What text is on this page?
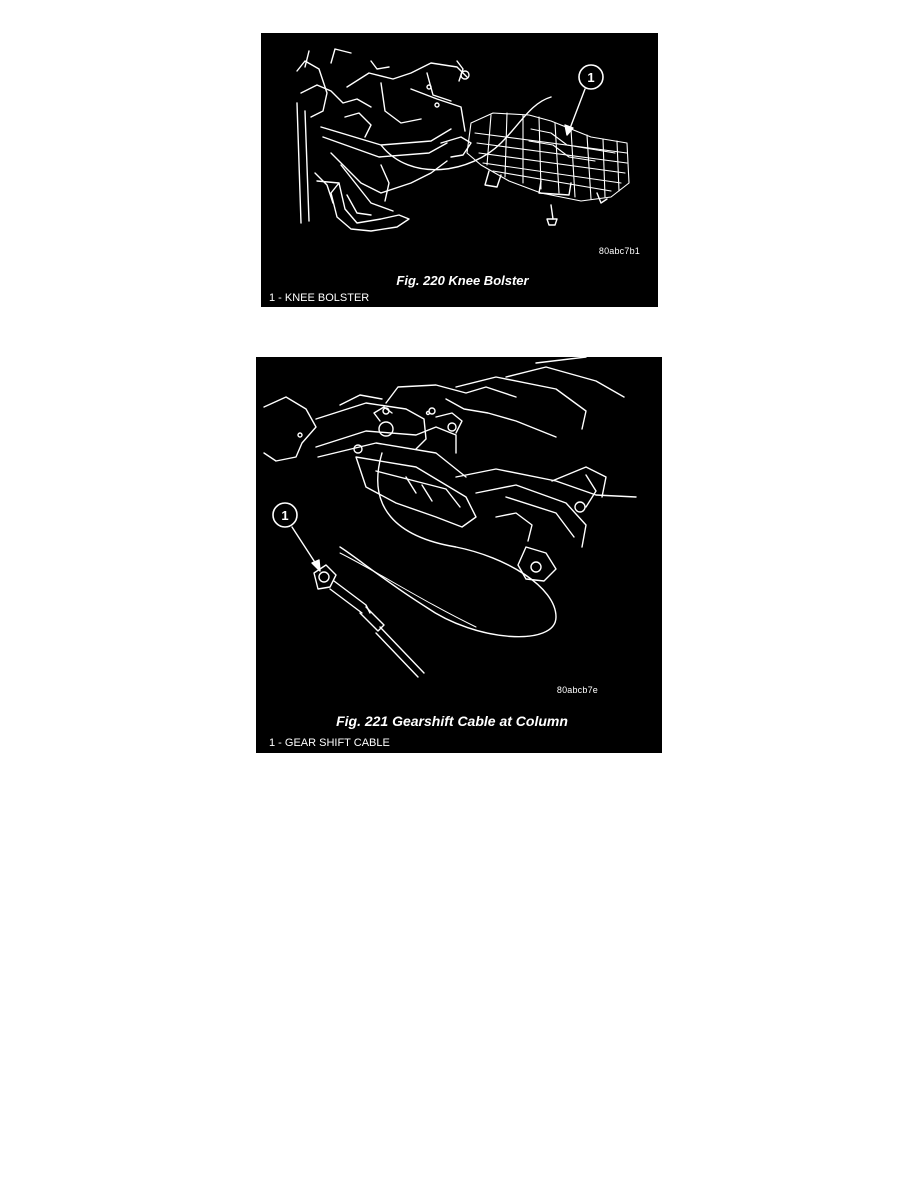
1
80abc7b1
Fig. 220 Knee Bolster
1 - KNEE BOLSTER
1
80abcb7e
Fig. 221 Gearshift Cable at Column
1 - GEAR SHIFT CABLE
